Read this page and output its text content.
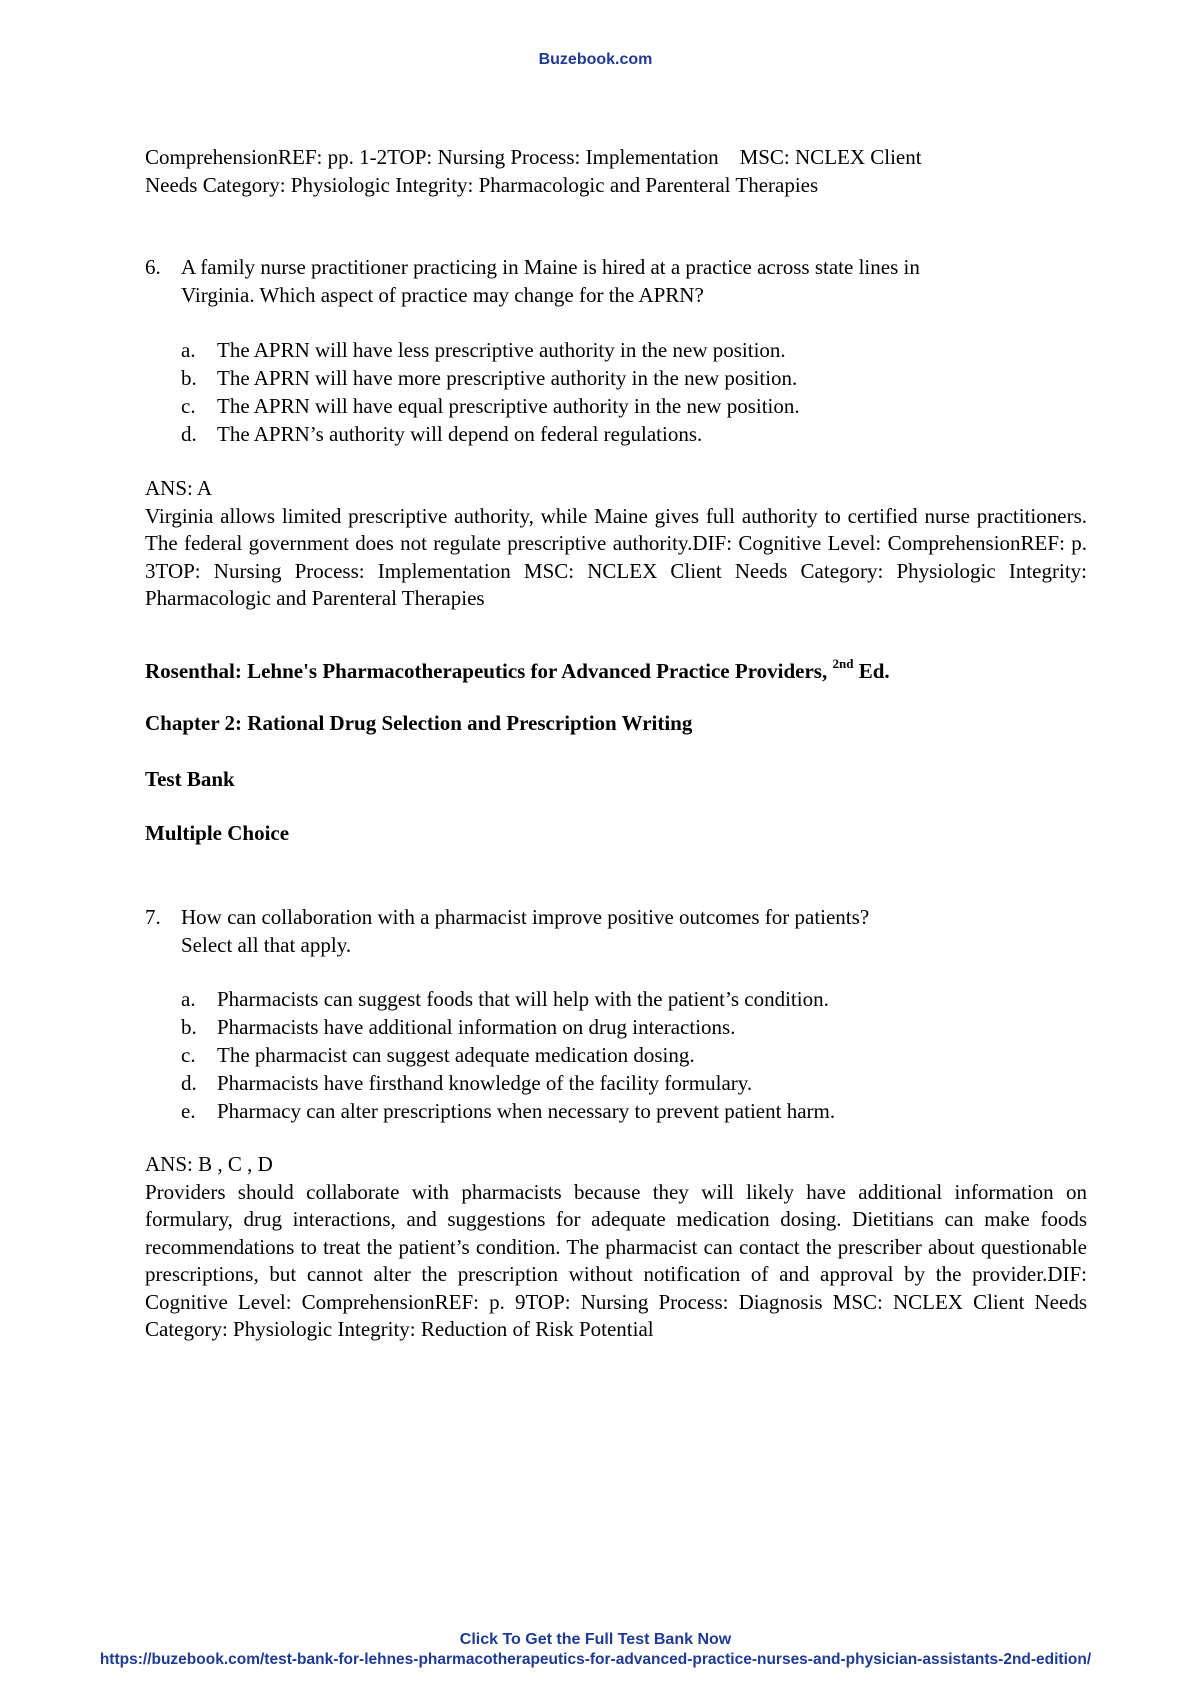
Buzebook.com
ComprehensionREF: pp. 1-2TOP: Nursing Process: Implementation    MSC: NCLEX Client
Needs Category: Physiologic Integrity: Pharmacologic and Parenteral Therapies
6. A family nurse practitioner practicing in Maine is hired at a practice across state lines in
Virginia. Which aspect of practice may change for the APRN?
a. The APRN will have less prescriptive authority in the new position.
b. The APRN will have more prescriptive authority in the new position.
c. The APRN will have equal prescriptive authority in the new position.
d. The APRN’s authority will depend on federal regulations.
ANS: A
Virginia allows limited prescriptive authority, while Maine gives full authority to certified nurse practitioners. The federal government does not regulate prescriptive authority.DIF: Cognitive Level: ComprehensionREF: p. 3TOP: Nursing Process: Implementation MSC: NCLEX Client Needs Category: Physiologic Integrity: Pharmacologic and Parenteral Therapies
Rosenthal: Lehne's Pharmacotherapeutics for Advanced Practice Providers, $^{2nd}$ Ed.
Chapter 2: Rational Drug Selection and Prescription Writing
Test Bank
Multiple Choice
7. How can collaboration with a pharmacist improve positive outcomes for patients?
Select all that apply.
a. Pharmacists can suggest foods that will help with the patient’s condition.
b. Pharmacists have additional information on drug interactions.
c. The pharmacist can suggest adequate medication dosing.
d. Pharmacists have firsthand knowledge of the facility formulary.
e. Pharmacy can alter prescriptions when necessary to prevent patient harm.
ANS: B , C , D
Providers should collaborate with pharmacists because they will likely have additional information on formulary, drug interactions, and suggestions for adequate medication dosing. Dietitians can make foods recommendations to treat the patient’s condition. The pharmacist can contact the prescriber about questionable prescriptions, but cannot alter the prescription without notification of and approval by the provider.DIF: Cognitive Level: ComprehensionREF: p. 9TOP: Nursing Process: Diagnosis MSC: NCLEX Client Needs Category: Physiologic Integrity: Reduction of Risk Potential
Click To Get the Full Test Bank Now
https://buzebook.com/test-bank-for-lehnes-pharmacotherapeutics-for-advanced-practice-nurses-and-physician-assistants-2nd-edition/
